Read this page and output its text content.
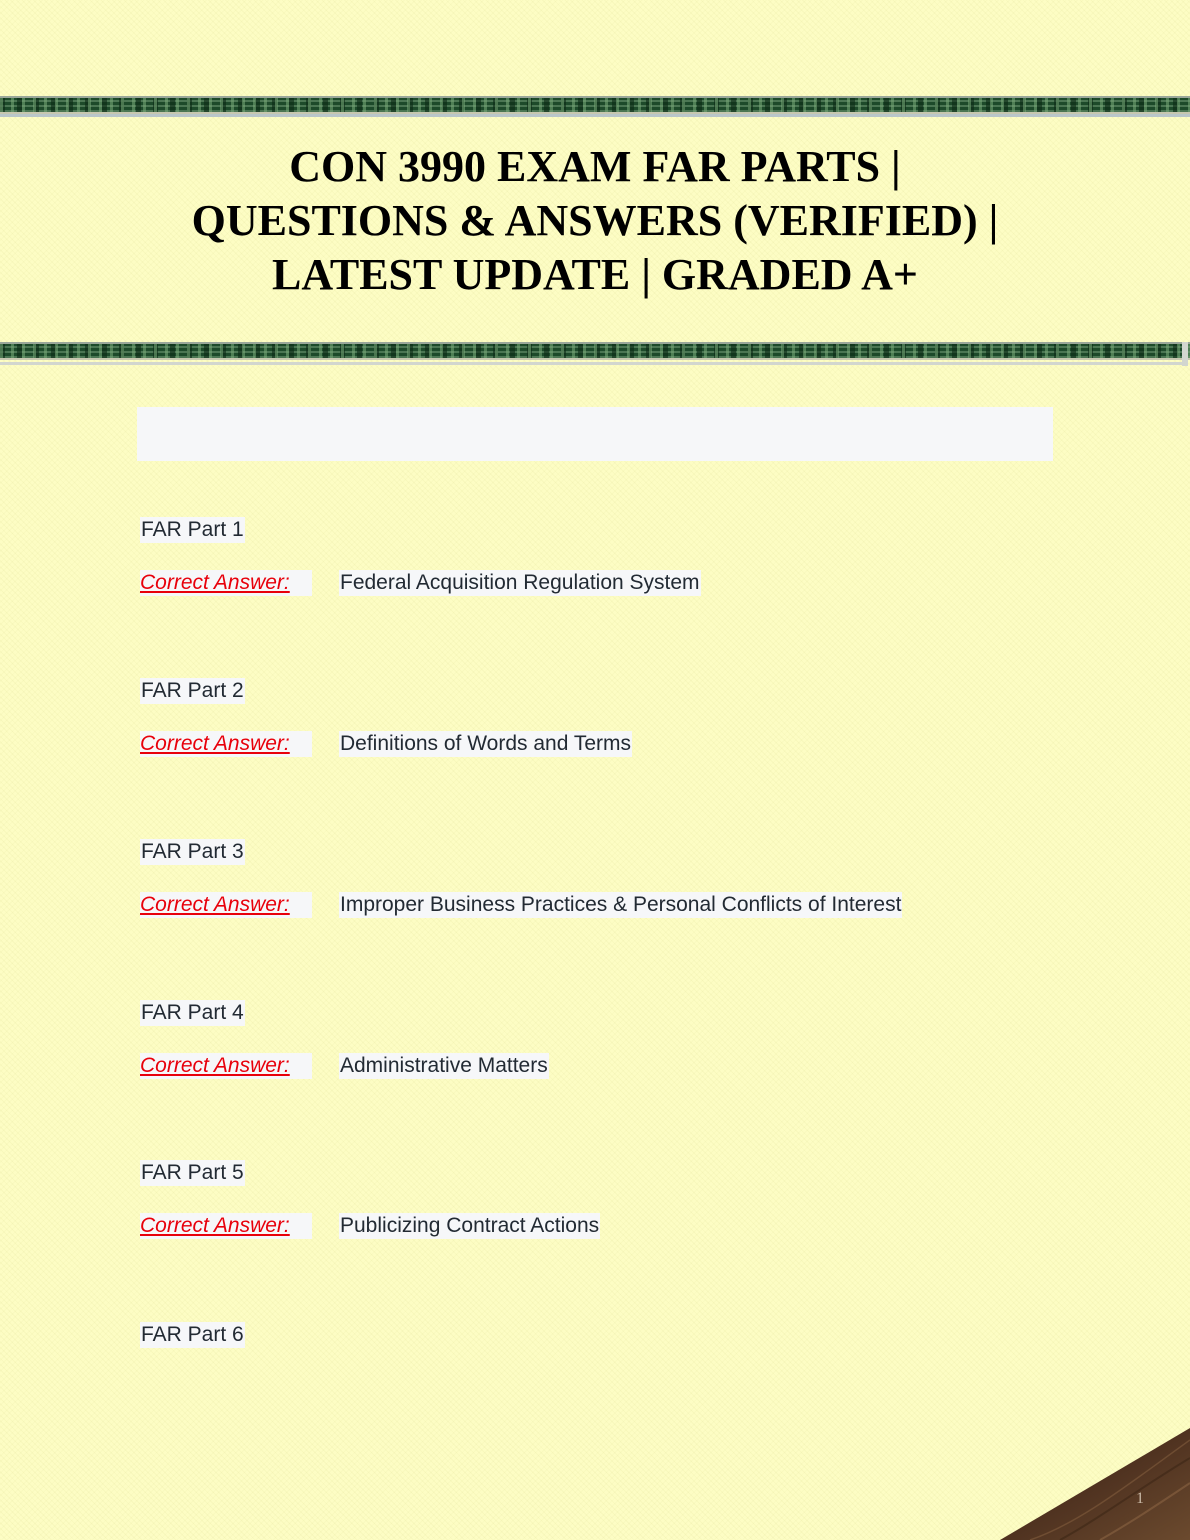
CON 3990 EXAM FAR PARTS |
QUESTIONS & ANSWERS (VERIFIED) |
LATEST UPDATE | GRADED A+
FAR Part 1
Correct Answer: Federal Acquisition Regulation System
FAR Part 2
Correct Answer: Definitions of Words and Terms
FAR Part 3
Correct Answer: Improper Business Practices & Personal Conflicts of Interest
FAR Part 4
Correct Answer: Administrative Matters
FAR Part 5
Correct Answer: Publicizing Contract Actions
FAR Part 6
1
